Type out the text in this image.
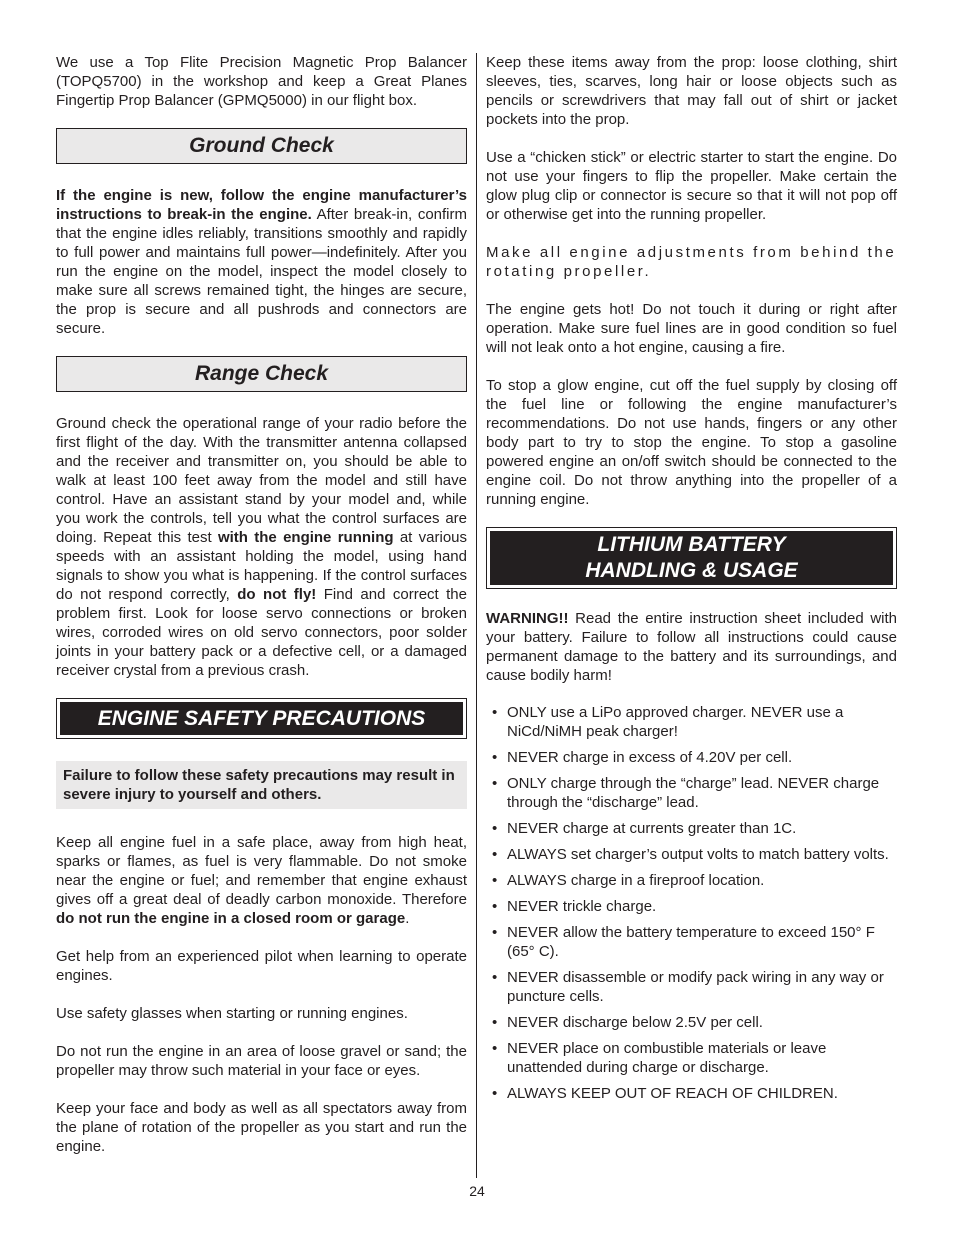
We use a Top Flite Precision Magnetic Prop Balancer (TOPQ5700) in the workshop and keep a Great Planes Fingertip Prop Balancer (GPMQ5000) in our flight box.

Ground Check

If the engine is new, follow the engine manufacturer’s instructions to break-in the engine. After break-in, confirm that the engine idles reliably, transitions smoothly and rapidly to full power and maintains full power—indefinitely. After you run the engine on the model, inspect the model closely to make sure all screws remained tight, the hinges are secure, the prop is secure and all pushrods and connectors are secure.

Range Check

Ground check the operational range of your radio before the first flight of the day. With the transmitter antenna collapsed and the receiver and transmitter on, you should be able to walk at least 100 feet away from the model and still have control. Have an assistant stand by your model and, while you work the controls, tell you what the control surfaces are doing. Repeat this test with the engine running at various speeds with an assistant holding the model, using hand signals to show you what is happening. If the control surfaces do not respond correctly, do not fly! Find and correct the problem first. Look for loose servo connections or broken wires, corroded wires on old servo connectors, poor solder joints in your battery pack or a defective cell, or a damaged receiver crystal from a previous crash.

ENGINE SAFETY PRECAUTIONS
Failure to follow these safety precautions may result in severe injury to yourself and others.

Keep all engine fuel in a safe place, away from high heat, sparks or flames, as fuel is very flammable. Do not smoke near the engine or fuel; and remember that engine exhaust gives off a great deal of deadly carbon monoxide. Therefore do not run the engine in a closed room or garage.

Get help from an experienced pilot when learning to operate engines.

Use safety glasses when starting or running engines.

Do not run the engine in an area of loose gravel or sand; the propeller may throw such material in your face or eyes.

Keep your face and body as well as all spectators away from the plane of rotation of the propeller as you start and run the engine.

Keep these items away from the prop: loose clothing, shirt sleeves, ties, scarves, long hair or loose objects such as pencils or screwdrivers that may fall out of shirt or jacket pockets into the prop.

Use a “chicken stick” or electric starter to start the engine. Do not use your fingers to flip the propeller. Make certain the glow plug clip or connector is secure so that it will not pop off or otherwise get into the running propeller.

Make all engine adjustments from behind the rotating propeller.

The engine gets hot! Do not touch it during or right after operation. Make sure fuel lines are in good condition so fuel will not leak onto a hot engine, causing a fire.

To stop a glow engine, cut off the fuel supply by closing off the fuel line or following the engine manufacturer’s recommendations. Do not use hands, fingers or any other body part to try to stop the engine. To stop a gasoline powered engine an on/off switch should be connected to the engine coil. Do not throw anything into the propeller of a running engine.

LITHIUM BATTERY
HANDLING & USAGE

WARNING!! Read the entire instruction sheet included with your battery. Failure to follow all instructions could cause permanent damage to the battery and its surroundings, and cause bodily harm!

• ONLY use a LiPo approved charger. NEVER use a NiCd/NiMH peak charger!
• NEVER charge in excess of 4.20V per cell.
• ONLY charge through the “charge” lead. NEVER charge through the “discharge” lead.
• NEVER charge at currents greater than 1C.
• ALWAYS set charger’s output volts to match battery volts.
• ALWAYS charge in a fireproof location.
• NEVER trickle charge.
• NEVER allow the battery temperature to exceed 150° F (65° C).
• NEVER disassemble or modify pack wiring in any way or puncture cells.
• NEVER discharge below 2.5V per cell.
• NEVER place on combustible materials or leave unattended during charge or discharge.
• ALWAYS KEEP OUT OF REACH OF CHILDREN.
24
